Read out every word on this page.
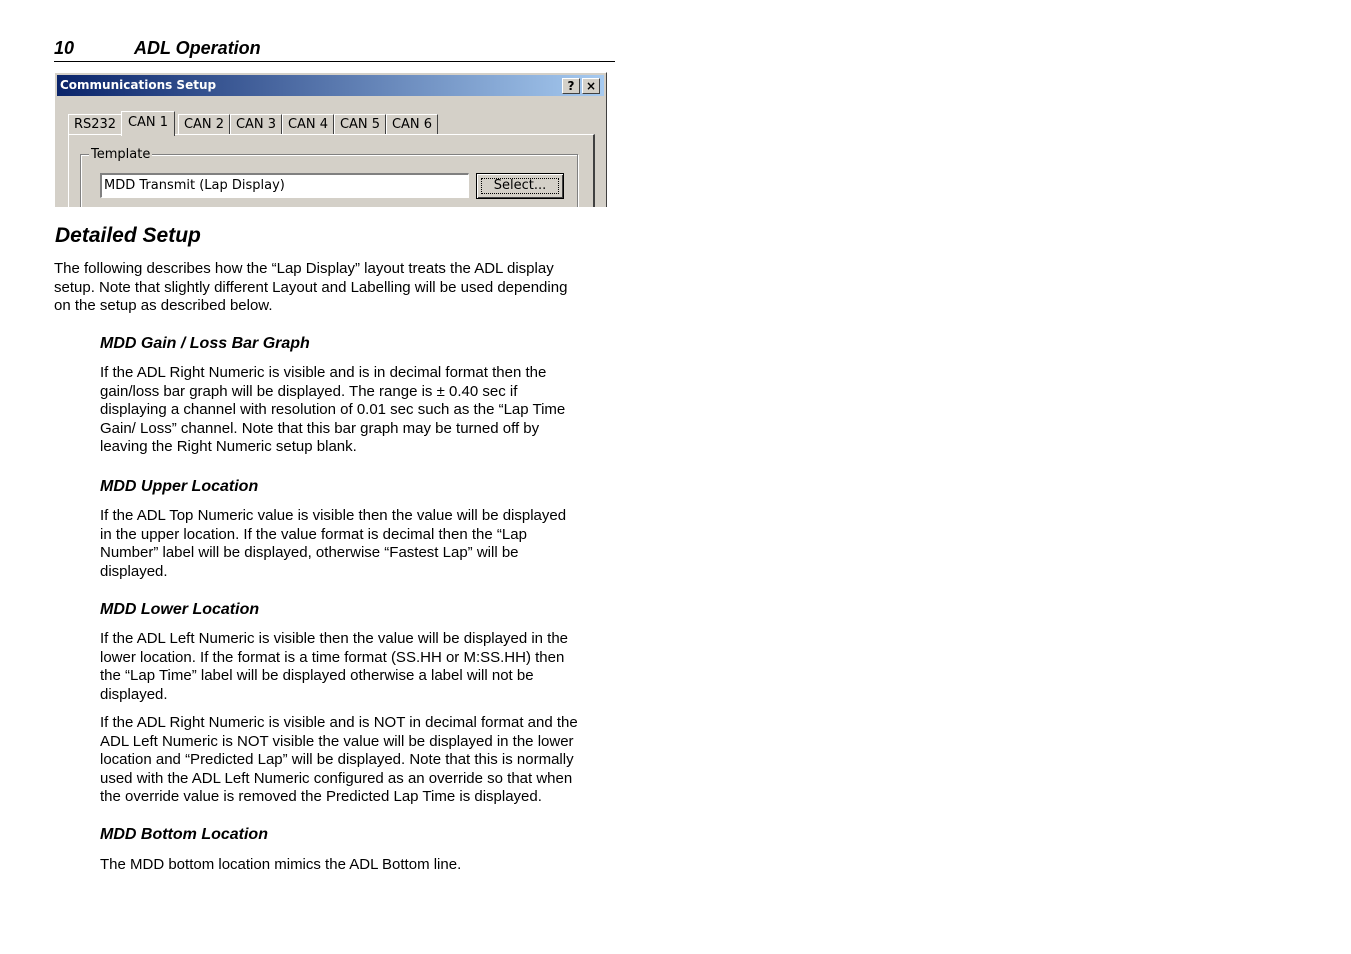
10	ADL Operation
Communications Setup	? ×
RS232 CAN 1	CAN 2 CAN 3 CAN 4 CAN 5 CAN 6
Template
MDD Transmit (Lap Display)	Select...
Detailed Setup
The following describes how the “Lap Display” layout treats the ADL display
setup. Note that slightly different Layout and Labelling will be used depending
on the setup as described below.
MDD Gain / Loss Bar Graph
If the ADL Right Numeric is visible and is in decimal format then the
gain/loss bar graph will be displayed. The range is ± 0.40 sec if
displaying a channel with resolution of 0.01 sec such as the “Lap Time
Gain/ Loss” channel. Note that this bar graph may be turned off by
leaving the Right Numeric setup blank.
MDD Upper Location
If the ADL Top Numeric value is visible then the value will be displayed
in the upper location. If the value format is decimal then the “Lap
Number” label will be displayed, otherwise “Fastest Lap” will be
displayed.
MDD Lower Location
If the ADL Left Numeric is visible then the value will be displayed in the
lower location. If the format is a time format (SS.HH or M:SS.HH) then
the “Lap Time” label will be displayed otherwise a label will not be
displayed.
If the ADL Right Numeric is visible and is NOT in decimal format and the
ADL Left Numeric is NOT visible the value will be displayed in the lower
location and “Predicted Lap” will be displayed. Note that this is normally
used with the ADL Left Numeric configured as an override so that when
the override value is removed the Predicted Lap Time is displayed.
MDD Bottom Location
The MDD bottom location mimics the ADL Bottom line.
